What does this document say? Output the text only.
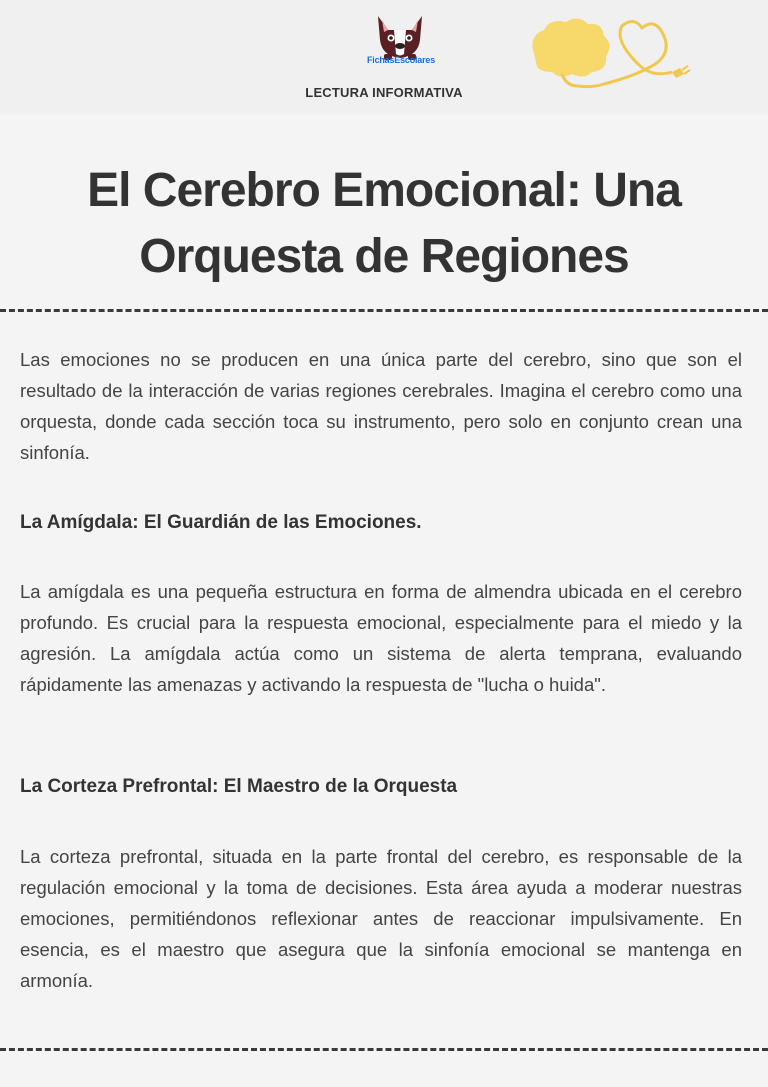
FichasEscolares
LECTURA INFORMATIVA
El Cerebro Emocional: Una
Orquesta de Regiones
Las emociones no se producen en una única parte del cerebro, sino que son el resultado de la interacción de varias regiones cerebrales. Imagina el cerebro como una orquesta, donde cada sección toca su instrumento, pero solo en conjunto crean una sinfonía.
La Amígdala: El Guardián de las Emociones.
La amígdala es una pequeña estructura en forma de almendra ubicada en el cerebro profundo. Es crucial para la respuesta emocional, especialmente para el miedo y la agresión. La amígdala actúa como un sistema de alerta temprana, evaluando rápidamente las amenazas y activando la respuesta de "lucha o huida".
La Corteza Prefrontal: El Maestro de la Orquesta
La corteza prefrontal, situada en la parte frontal del cerebro, es responsable de la regulación emocional y la toma de decisiones. Esta área ayuda a moderar nuestras emociones, permitiéndonos reflexionar antes de reaccionar impulsivamente. En esencia, es el maestro que asegura que la sinfonía emocional se mantenga en armonía.
